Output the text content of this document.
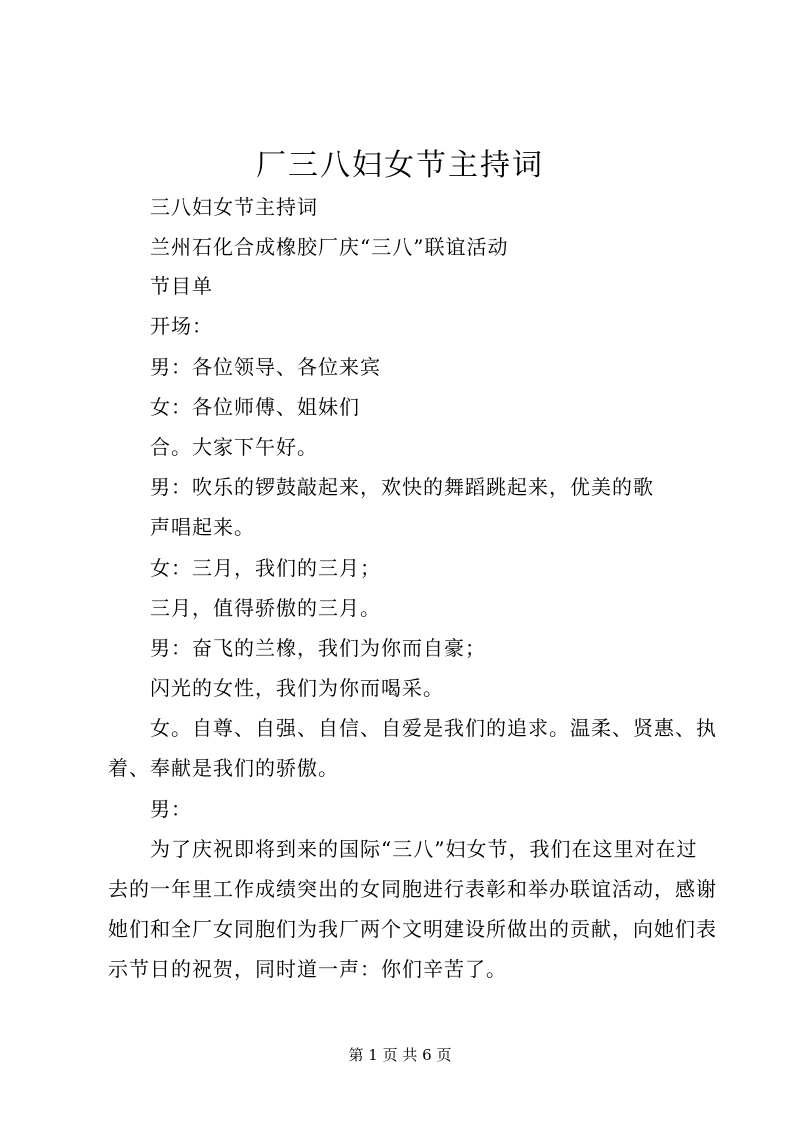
厂三八妇女节主持词
三八妇女节主持词
兰州石化合成橡胶厂庆“三八”联谊活动
节目单
开场：
男：各位领导、各位来宾
女：各位师傅、姐妹们
合。大家下午好。
男：吹乐的锣鼓敲起来，欢快的舞蹈跳起来，优美的歌
声唱起来。
女：三月，我们的三月；
三月，值得骄傲的三月。
男：奋飞的兰橡，我们为你而自豪；
闪光的女性，我们为你而喝采。
女。自尊、自强、自信、自爱是我们的追求。温柔、贤惠、执着、奉献是我们的骄傲。
男：
为了庆祝即将到来的国际“三八”妇女节，我们在这里对在过去的一年里工作成绩突出的女同胞进行表彰和举办联谊活动，感谢她们和全厂女同胞们为我厂两个文明建设所做出的贡献，向她们表示节日的祝贺，同时道一声：你们辛苦了。
第 1 页 共 6 页
